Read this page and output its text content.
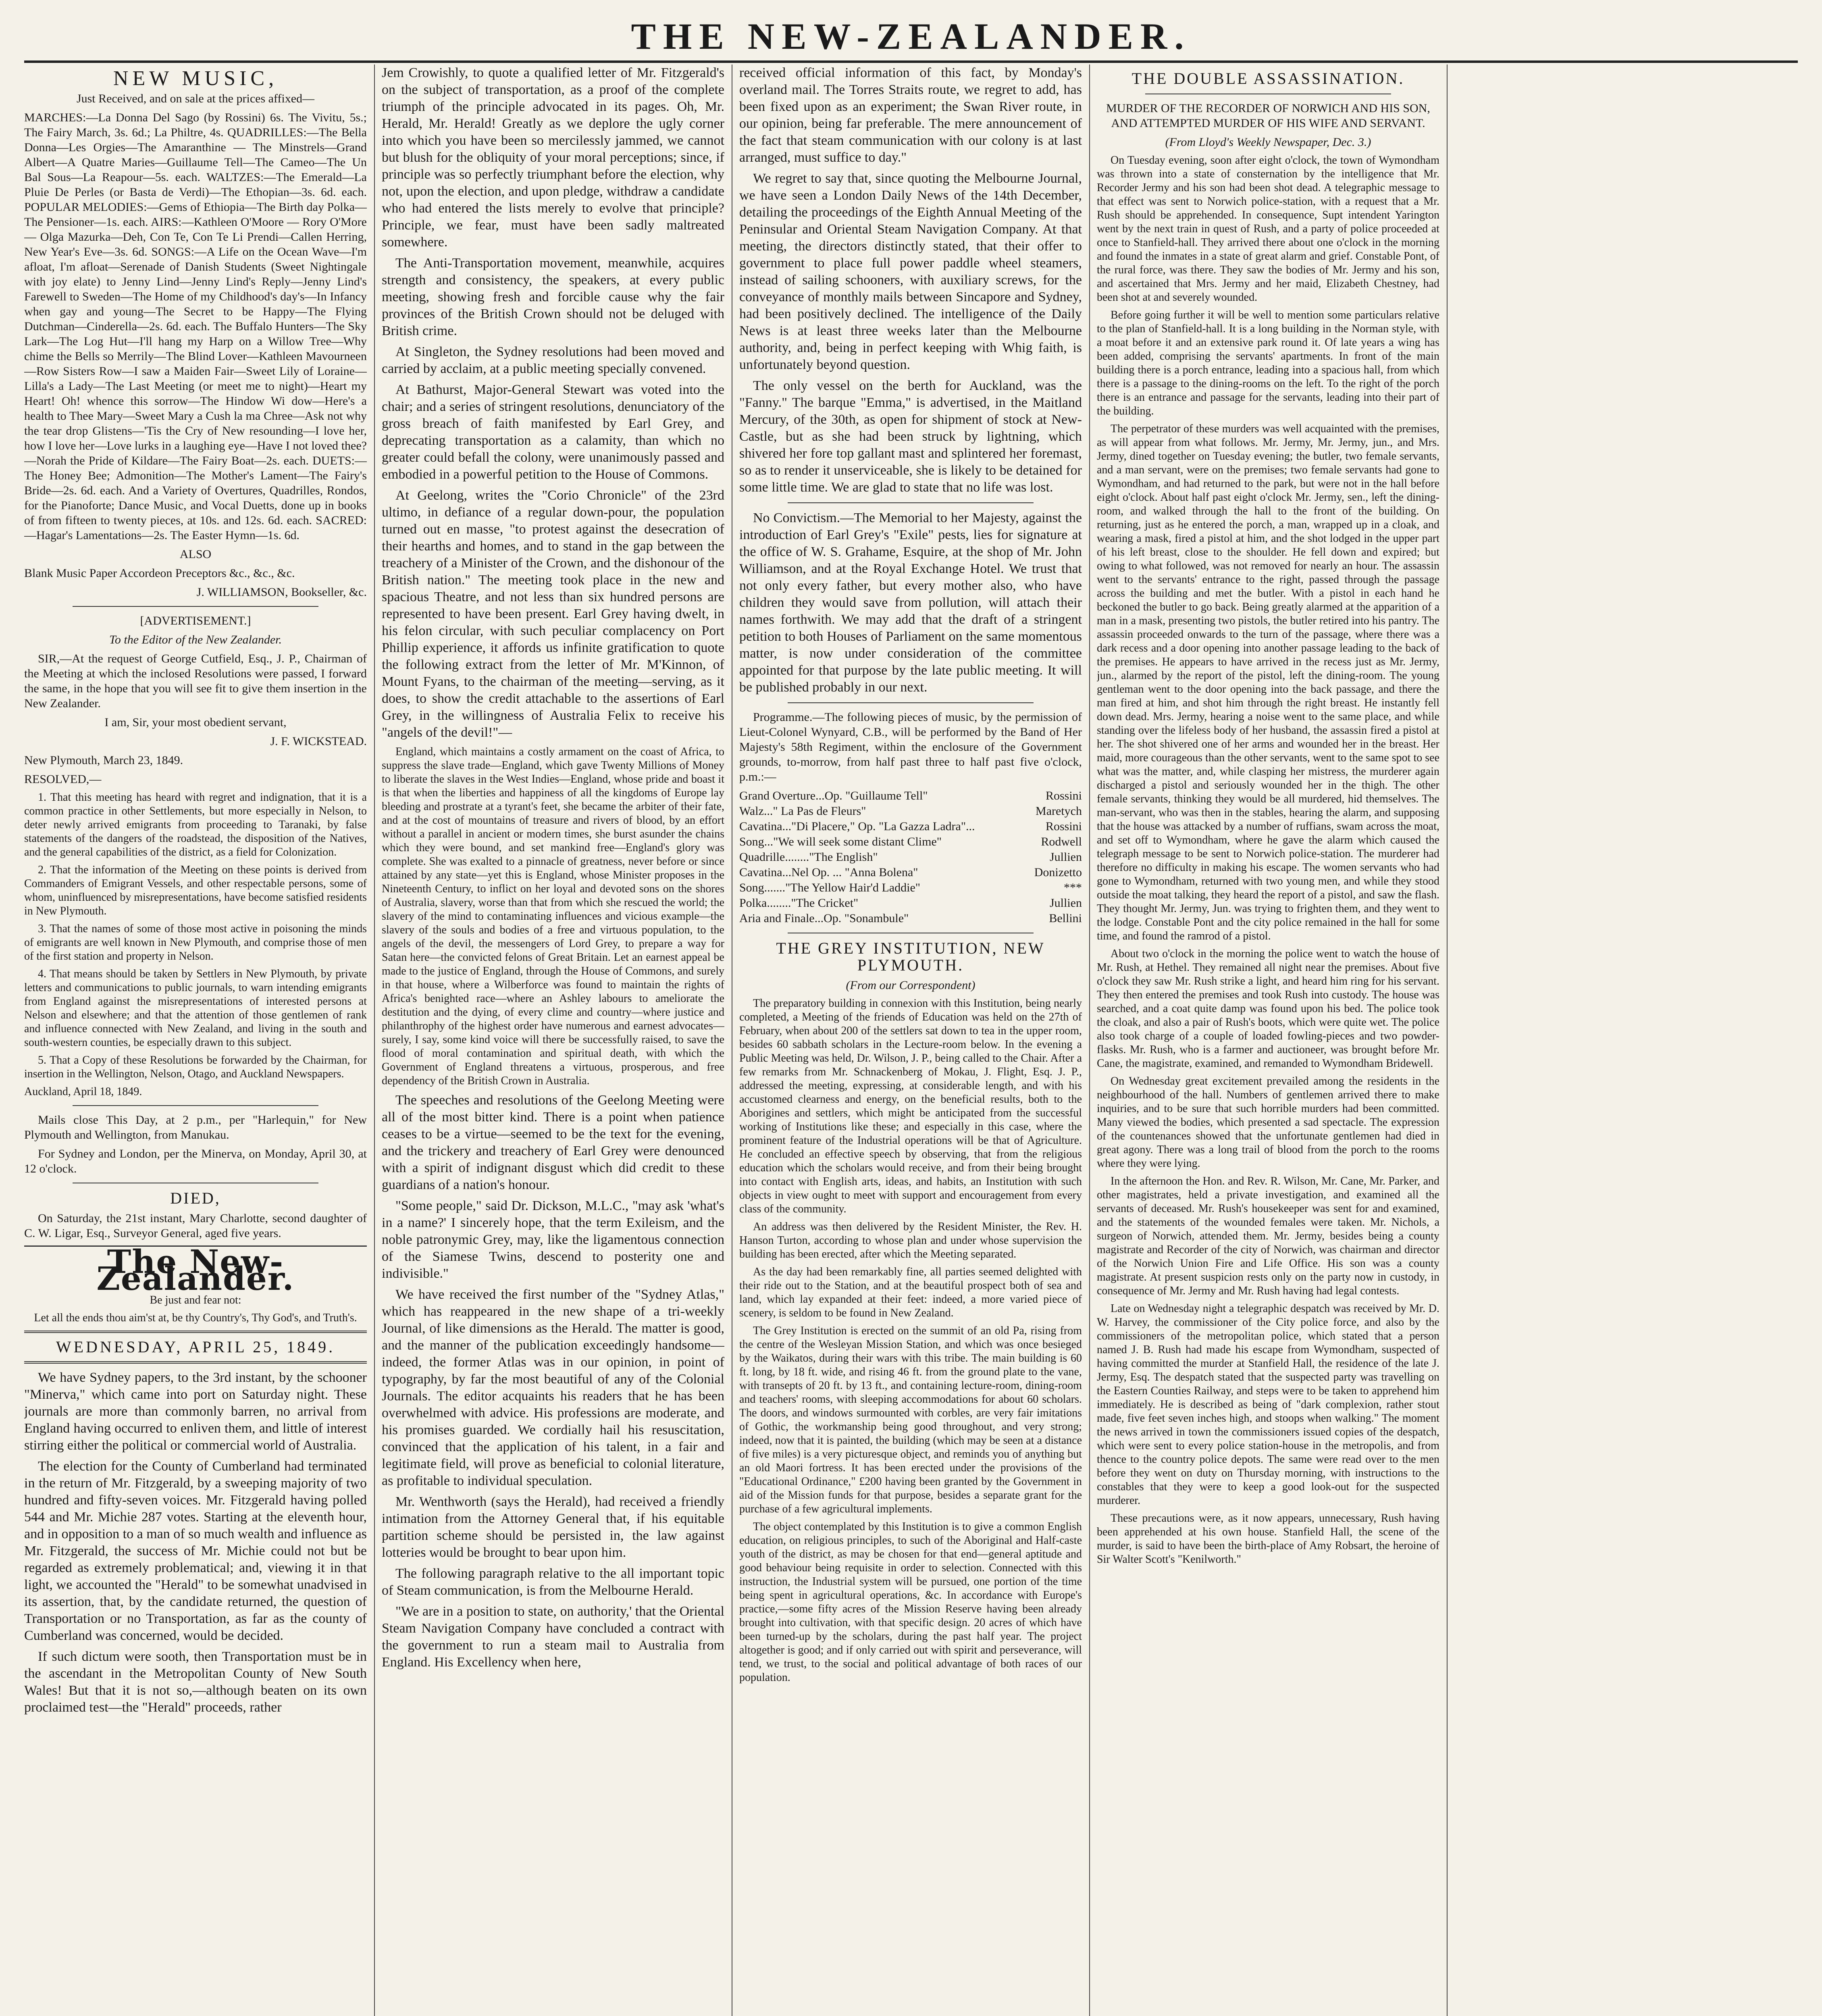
THE NEW-ZEALANDER.
NEW MUSIC,

Just Received, and on sale at the prices affixed—

MARCHES:—La Donna Del Sago (by Rossini) 6s. The Vivitu, 5s.; The Fairy March, 3s. 6d.; La Philtre, 4s. QUADRILLES:—The Bella Donna—Les Orgies—The Amaranthine — The Minstrels—Grand Albert—A Quatre Maries—Guillaume Tell—The Cameo—The Un Bal Sous—La Reapour—5s. each. WALTZES:—The Emerald—La Pluie De Perles (or Basta de Verdi)—The Ethopian—3s. 6d. each. POPULAR MELODIES:—Gems of Ethiopia—The Birth day Polka—The Pensioner—1s. each. AIRS:—Kathleen O'Moore — Rory O'More — Olga Mazurka—Deh, Con Te, Con Te Li Prendi—Callen Herring, New Year's Eve—3s. 6d. SONGS:—A Life on the Ocean Wave—I'm afloat, I'm afloat—Serenade of Danish Students (Sweet Nightingale with joy elate) to Jenny Lind—Jenny Lind's Reply—Jenny Lind's Farewell to Sweden—The Home of my Childhood's day's—In Infancy when gay and young—The Secret to be Happy—The Flying Dutchman—Cinderella—2s. 6d. each. The Buffalo Hunters—The Sky Lark—The Log Hut—I'll hang my Harp on a Willow Tree—Why chime the Bells so Merrily—The Blind Lover—Kathleen Mavourneen—Row Sisters Row—I saw a Maiden Fair—Sweet Lily of Loraine—Lilla's a Lady—The Last Meeting (or meet me to night)—Heart my Heart! Oh! whence this sorrow—The Hindow Wi dow—Here's a health to Thee Mary—Sweet Mary a Cush la ma Chree—Ask not why the tear drop Glistens—'Tis the Cry of New resounding—I love her, how I love her—Love lurks in a laughing eye—Have I not loved thee?—Norah the Pride of Kildare—The Fairy Boat—2s. each. DUETS:—The Honey Bee; Admonition—The Mother's Lament—The Fairy's Bride—2s. 6d. each. And a Variety of Overtures, Quadrilles, Rondos, for the Pianoforte; Dance Music, and Vocal Duetts, done up in books of from fifteen to twenty pieces, at 10s. and 12s. 6d. each. SACRED:—Hagar's Lamentations—2s. The Easter Hymn—1s. 6d.

ALSO

Blank Music Paper Accordeon Preceptors &c., &c., &c.

J. WILLIAMSON, Bookseller, &c.

[ADVERTISEMENT.]

To the Editor of the New Zealander.

SIR,—At the request of George Cutfield, Esq., J. P., Chairman of the Meeting at which the inclosed Resolutions were passed, I forward the same, in the hope that you will see fit to give them insertion in the New Zealander.

I am, Sir, your most obedient servant,

J. F. WICKSTEAD.

New Plymouth, March 23, 1849.

RESOLVED,—

1. That this meeting has heard with regret and indignation, that it is a common practice in other Settlements, but more especially in Nelson, to deter newly arrived emigrants from proceeding to Taranaki, by false statements of the dangers of the roadstead, the disposition of the Natives, and the general capabilities of the district, as a field for Colonization.

2. That the information of the Meeting on these points is derived from Commanders of Emigrant Vessels, and other respectable persons, some of whom, uninfluenced by misrepresentations, have become satisfied residents in New Plymouth.

3. That the names of some of those most active in poisoning the minds of emigrants are well known in New Plymouth, and comprise those of men of the first station and property in Nelson.

4. That means should be taken by Settlers in New Plymouth, by private letters and communications to public journals, to warn intending emigrants from England against the misrepresentations of interested persons at Nelson and elsewhere; and that the attention of those gentlemen of rank and influence connected with New Zealand, and living in the south and south-western counties, be especially drawn to this subject.

5. That a Copy of these Resolutions be forwarded by the Chairman, for insertion in the Wellington, Nelson, Otago, and Auckland Newspapers.

Auckland, April 18, 1849.

Mails close This Day, at 2 p.m., per "Harlequin," for New Plymouth and Wellington, from Manukau.

For Sydney and London, per the Minerva, on Monday, April 30, at 12 o'clock.

DIED,

On Saturday, the 21st instant, Mary Charlotte, second daughter of C. W. Ligar, Esq., Surveyor General, aged five years.

The New-Zealander.

Be just and fear not:

Let all the ends thou aim'st at, be thy Country's, Thy God's, and Truth's.

WEDNESDAY, APRIL 25, 1849.

We have Sydney papers, to the 3rd instant, by the schooner "Minerva," which came into port on Saturday night. These journals are more than commonly barren, no arrival from England having occurred to enliven them, and little of interest stirring either the political or commercial world of Australia.

The election for the County of Cumberland had terminated in the return of Mr. Fitzgerald, by a sweeping majority of two hundred and fifty-seven voices. Mr. Fitzgerald having polled 544 and Mr. Michie 287 votes. Starting at the eleventh hour, and in opposition to a man of so much wealth and influence as Mr. Fitzgerald, the success of Mr. Michie could not but be regarded as extremely problematical; and, viewing it in that light, we accounted the "Herald" to be somewhat unadvised in its assertion, that, by the candidate returned, the question of Transportation or no Transportation, as far as the county of Cumberland was concerned, would be decided.

If such dictum were sooth, then Transportation must be in the ascendant in the Metropolitan County of New South Wales! But that it is not so,—although beaten on its own proclaimed test—the "Herald" proceeds, rather

Jem Crowishly, to quote a qualified letter of Mr. Fitzgerald's on the subject of transportation, as a proof of the complete triumph of the principle advocated in its pages. Oh, Mr. Herald, Mr. Herald! Greatly as we deplore the ugly corner into which you have been so mercilessly jammed, we cannot but blush for the obliquity of your moral perceptions; since, if principle was so perfectly triumphant before the election, why not, upon the election, and upon pledge, withdraw a candidate who had entered the lists merely to evolve that principle? Principle, we fear, must have been sadly maltreated somewhere.

The Anti-Transportation movement, meanwhile, acquires strength and consistency, the speakers, at every public meeting, showing fresh and forcible cause why the fair provinces of the British Crown should not be deluged with British crime.

At Singleton, the Sydney resolutions had been moved and carried by acclaim, at a public meeting specially convened.

At Bathurst, Major-General Stewart was voted into the chair; and a series of stringent resolutions, denunciatory of the gross breach of faith manifested by Earl Grey, and deprecating transportation as a calamity, than which no greater could befall the colony, were unanimously passed and embodied in a powerful petition to the House of Commons.

At Geelong, writes the "Corio Chronicle" of the 23rd ultimo, in defiance of a regular down-pour, the population turned out en masse, "to protest against the desecration of their hearths and homes, and to stand in the gap between the treachery of a Minister of the Crown, and the dishonour of the British nation." The meeting took place in the new and spacious Theatre, and not less than six hundred persons are represented to have been present. Earl Grey having dwelt, in his felon circular, with such peculiar complacency on Port Phillip experience, it affords us infinite gratification to quote the following extract from the letter of Mr. M'Kinnon, of Mount Fyans, to the chairman of the meeting—serving, as it does, to show the credit attachable to the assertions of Earl Grey, in the willingness of Australia Felix to receive his "angels of the devil!"—

England, which maintains a costly armament on the coast of Africa, to suppress the slave trade—England, which gave Twenty Millions of Money to liberate the slaves in the West Indies—England, whose pride and boast it is that when the liberties and happiness of all the kingdoms of Europe lay bleeding and prostrate at a tyrant's feet, she became the arbiter of their fate, and at the cost of mountains of treasure and rivers of blood, by an effort without a parallel in ancient or modern times, she burst asunder the chains which they were bound, and set mankind free—England's glory was complete. She was exalted to a pinnacle of greatness, never before or since attained by any state—yet this is England, whose Minister proposes in the Nineteenth Century, to inflict on her loyal and devoted sons on the shores of Australia, slavery, worse than that from which she rescued the world; the slavery of the mind to contaminating influences and vicious example—the slavery of the souls and bodies of a free and virtuous population, to the angels of the devil, the messengers of Lord Grey, to prepare a way for Satan here—the convicted felons of Great Britain. Let an earnest appeal be made to the justice of England, through the House of Commons, and surely in that house, where a Wilberforce was found to maintain the rights of Africa's benighted race—where an Ashley labours to ameliorate the destitution and the dying, of every clime and country—where justice and philanthrophy of the highest order have numerous and earnest advocates—surely, I say, some kind voice will there be successfully raised, to save the flood of moral contamination and spiritual death, with which the Government of England threatens a virtuous, prosperous, and free dependency of the British Crown in Australia.

The speeches and resolutions of the Geelong Meeting were all of the most bitter kind. There is a point when patience ceases to be a virtue—seemed to be the text for the evening, and the trickery and treachery of Earl Grey were denounced with a spirit of indignant disgust which did credit to these guardians of a nation's honour.

"Some people," said Dr. Dickson, M.L.C., "may ask 'what's in a name?' I sincerely hope, that the term Exileism, and the noble patronymic Grey, may, like the ligamentous connection of the Siamese Twins, descend to posterity one and indivisible."

We have received the first number of the "Sydney Atlas," which has reappeared in the new shape of a tri-weekly Journal, of like dimensions as the Herald. The matter is good, and the manner of the publication exceedingly handsome—indeed, the former Atlas was in our opinion, in point of typography, by far the most beautiful of any of the Colonial Journals. The editor acquaints his readers that he has been overwhelmed with advice. His professions are moderate, and his promises guarded. We cordially hail his resuscitation, convinced that the application of his talent, in a fair and legitimate field, will prove as beneficial to colonial literature, as profitable to individual speculation.

Mr. Wenthworth (says the Herald), had received a friendly intimation from the Attorney General that, if his equitable partition scheme should be persisted in, the law against lotteries would be brought to bear upon him.

The following paragraph relative to the all important topic of Steam communication, is from the Melbourne Herald.

"We are in a position to state, on authority,' that the Oriental Steam Navigation Company have concluded a contract with the government to run a steam mail to Australia from England. His Excellency when here,

received official information of this fact, by Monday's overland mail. The Torres Straits route, we regret to add, has been fixed upon as an experiment; the Swan River route, in our opinion, being far preferable. The mere announcement of the fact that steam communication with our colony is at last arranged, must suffice to day."

We regret to say that, since quoting the Melbourne Journal, we have seen a London Daily News of the 14th December, detailing the proceedings of the Eighth Annual Meeting of the Peninsular and Oriental Steam Navigation Company. At that meeting, the directors distinctly stated, that their offer to government to place full power paddle wheel steamers, instead of sailing schooners, with auxiliary screws, for the conveyance of monthly mails between Sincapore and Sydney, had been positively declined. The intelligence of the Daily News is at least three weeks later than the Melbourne authority, and, being in perfect keeping with Whig faith, is unfortunately beyond question.

The only vessel on the berth for Auckland, was the "Fanny." The barque "Emma," is advertised, in the Maitland Mercury, of the 30th, as open for shipment of stock at New-Castle, but as she had been struck by lightning, which shivered her fore top gallant mast and splintered her foremast, so as to render it unserviceable, she is likely to be detained for some little time. We are glad to state that no life was lost.

No Convictism.—The Memorial to her Majesty, against the introduction of Earl Grey's "Exile" pests, lies for signature at the office of W. S. Grahame, Esquire, at the shop of Mr. John Williamson, and at the Royal Exchange Hotel. We trust that not only every father, but every mother also, who have children they would save from pollution, will attach their names forthwith. We may add that the draft of a stringent petition to both Houses of Parliament on the same momentous matter, is now under consideration of the committee appointed for that purpose by the late public meeting. It will be published probably in our next.

Programme.—The following pieces of music, by the permission of Lieut-Colonel Wynyard, C.B., will be performed by the Band of Her Majesty's 58th Regiment, within the enclosure of the Government grounds, to-morrow, from half past three to half past five o'clock, p.m.:—

Grand Overture...Op. "Guillaume Tell"	Rossini
Walz..." La Pas de Fleurs"	Maretych
Cavatina..."Di Placere," Op. "La Gazza Ladra"...	Rossini
Song..."We will seek some distant Clime"	Rodwell
Quadrille........"The English"	Jullien
Cavatina...Nel Op. ... "Anna Bolena"	Donizetto
Song......."The Yellow Hair'd Laddie"	***
Polka........"The Cricket"	Jullien
Aria and Finale...Op. "Sonambule"	Bellini
THE GREY INSTITUTION, NEW PLYMOUTH.

(From our Correspondent)

The preparatory building in connexion with this Institution, being nearly completed, a Meeting of the friends of Education was held on the 27th of February, when about 200 of the settlers sat down to tea in the upper room, besides 60 sabbath scholars in the Lecture-room below. In the evening a Public Meeting was held, Dr. Wilson, J. P., being called to the Chair. After a few remarks from Mr. Schnackenberg of Mokau, J. Flight, Esq. J. P., addressed the meeting, expressing, at considerable length, and with his accustomed clearness and energy, on the beneficial results, both to the Aborigines and settlers, which might be anticipated from the successful working of Institutions like these; and especially in this case, where the prominent feature of the Industrial operations will be that of Agriculture. He concluded an effective speech by observing, that from the religious education which the scholars would receive, and from their being brought into contact with English arts, ideas, and habits, an Institution with such objects in view ought to meet with support and encouragement from every class of the community.

An address was then delivered by the Resident Minister, the Rev. H. Hanson Turton, according to whose plan and under whose supervision the building has been erected, after which the Meeting separated.

As the day had been remarkably fine, all parties seemed delighted with their ride out to the Station, and at the beautiful prospect both of sea and land, which lay expanded at their feet: indeed, a more varied piece of scenery, is seldom to be found in New Zealand.

The Grey Institution is erected on the summit of an old Pa, rising from the centre of the Wesleyan Mission Station, and which was once besieged by the Waikatos, during their wars with this tribe. The main building is 60 ft. long, by 18 ft. wide, and rising 46 ft. from the ground plate to the vane, with transepts of 20 ft. by 13 ft., and containing lecture-room, dining-room and teachers' rooms, with sleeping accommodations for about 60 scholars. The doors, and windows surmounted with corbles, are very fair imitations of Gothic, the workmanship being good throughout, and very strong; indeed, now that it is painted, the building (which may be seen at a distance of five miles) is a very picturesque object, and reminds you of anything but an old Maori fortress. It has been erected under the provisions of the "Educational Ordinance," £200 having been granted by the Government in aid of the Mission funds for that purpose, besides a separate grant for the purchase of a few agricultural implements.

The object contemplated by this Institution is to give a common English education, on religious principles, to such of the Aboriginal and Half-caste youth of the district, as may be chosen for that end—general aptitude and good behaviour being requisite in order to selection. Connected with this instruction, the Industrial system will be pursued, one portion of the time being spent in agricultural operations, &c. In accordance with Europe's practice,—some fifty acres of the Mission Reserve having been already brought into cultivation, with that specific design. 20 acres of which have been turned-up by the scholars, during the past half year. The project altogether is good; and if only carried out with spirit and perseverance, will tend, we trust, to the social and political advantage of both races of our population.

THE DOUBLE ASSASSINATION.

MURDER OF THE RECORDER OF NORWICH AND HIS SON, AND ATTEMPTED MURDER OF HIS WIFE AND SERVANT.

(From Lloyd's Weekly Newspaper, Dec. 3.)

On Tuesday evening, soon after eight o'clock, the town of Wymondham was thrown into a state of consternation by the intelligence that Mr. Recorder Jermy and his son had been shot dead. A telegraphic message to that effect was sent to Norwich police-station, with a request that a Mr. Rush should be apprehended. In consequence, Supt intendent Yarington went by the next train in quest of Rush, and a party of police proceeded at once to Stanfield-hall. They arrived there about one o'clock in the morning and found the inmates in a state of great alarm and grief. Constable Pont, of the rural force, was there. They saw the bodies of Mr. Jermy and his son, and ascertained that Mrs. Jermy and her maid, Elizabeth Chestney, had been shot at and severely wounded.

Before going further it will be well to mention some particulars relative to the plan of Stanfield-hall. It is a long building in the Norman style, with a moat before it and an extensive park round it. Of late years a wing has been added, comprising the servants' apartments. In front of the main building there is a porch entrance, leading into a spacious hall, from which there is a passage to the dining-rooms on the left. To the right of the porch there is an entrance and passage for the servants, leading into their part of the building.

The perpetrator of these murders was well acquainted with the premises, as will appear from what follows. Mr. Jermy, Mr. Jermy, jun., and Mrs. Jermy, dined together on Tuesday evening; the butler, two female servants, and a man servant, were on the premises; two female servants had gone to Wymondham, and had returned to the park, but were not in the hall before eight o'clock. About half past eight o'clock Mr. Jermy, sen., left the dining-room, and walked through the hall to the front of the building. On returning, just as he entered the porch, a man, wrapped up in a cloak, and wearing a mask, fired a pistol at him, and the shot lodged in the upper part of his left breast, close to the shoulder. He fell down and expired; but owing to what followed, was not removed for nearly an hour. The assassin went to the servants' entrance to the right, passed through the passage across the building and met the butler. With a pistol in each hand he beckoned the butler to go back. Being greatly alarmed at the apparition of a man in a mask, presenting two pistols, the butler retired into his pantry. The assassin proceeded onwards to the turn of the passage, where there was a dark recess and a door opening into another passage leading to the back of the premises. He appears to have arrived in the recess just as Mr. Jermy, jun., alarmed by the report of the pistol, left the dining-room. The young gentleman went to the door opening into the back passage, and there the man fired at him, and shot him through the right breast. He instantly fell down dead. Mrs. Jermy, hearing a noise went to the same place, and while standing over the lifeless body of her husband, the assassin fired a pistol at her. The shot shivered one of her arms and wounded her in the breast. Her maid, more courageous than the other servants, went to the same spot to see what was the matter, and, while clasping her mistress, the murderer again discharged a pistol and seriously wounded her in the thigh. The other female servants, thinking they would be all murdered, hid themselves. The man-servant, who was then in the stables, hearing the alarm, and supposing that the house was attacked by a number of ruffians, swam across the moat, and set off to Wymondham, where he gave the alarm which caused the telegraph message to be sent to Norwich police-station. The murderer had therefore no difficulty in making his escape. The women servants who had gone to Wymondham, returned with two young men, and while they stood outside the moat talking, they heard the report of a pistol, and saw the flash. They thought Mr. Jermy, Jun. was trying to frighten them, and they went to the lodge. Constable Pont and the city police remained in the hall for some time, and found the ramrod of a pistol.

About two o'clock in the morning the police went to watch the house of Mr. Rush, at Hethel. They remained all night near the premises. About five o'clock they saw Mr. Rush strike a light, and heard him ring for his servant. They then entered the premises and took Rush into custody. The house was searched, and a coat quite damp was found upon his bed. The police took the cloak, and also a pair of Rush's boots, which were quite wet. The police also took charge of a couple of loaded fowling-pieces and two powder-flasks. Mr. Rush, who is a farmer and auctioneer, was brought before Mr. Cane, the magistrate, examined, and remanded to Wymondham Bridewell.

On Wednesday great excitement prevailed among the residents in the neighbourhood of the hall. Numbers of gentlemen arrived there to make inquiries, and to be sure that such horrible murders had been committed. Many viewed the bodies, which presented a sad spectacle. The expression of the countenances showed that the unfortunate gentlemen had died in great agony. There was a long trail of blood from the porch to the rooms where they were lying.

In the afternoon the Hon. and Rev. R. Wilson, Mr. Cane, Mr. Parker, and other magistrates, held a private investigation, and examined all the servants of deceased. Mr. Rush's housekeeper was sent for and examined, and the statements of the wounded females were taken. Mr. Nichols, a surgeon of Norwich, attended them. Mr. Jermy, besides being a county magistrate and Recorder of the city of Norwich, was chairman and director of the Norwich Union Fire and Life Office. His son was a county magistrate. At present suspicion rests only on the party now in custody, in consequence of Mr. Jermy and Mr. Rush having had legal contests.

Late on Wednesday night a telegraphic despatch was received by Mr. D. W. Harvey, the commissioner of the City police force, and also by the commissioners of the metropolitan police, which stated that a person named J. B. Rush had made his escape from Wymondham, suspected of having committed the murder at Stanfield Hall, the residence of the late J. Jermy, Esq. The despatch stated that the suspected party was travelling on the Eastern Counties Railway, and steps were to be taken to apprehend him immediately. He is described as being of "dark complexion, rather stout made, five feet seven inches high, and stoops when walking." The moment the news arrived in town the commissioners issued copies of the despatch, which were sent to every police station-house in the metropolis, and from thence to the country police depots. The same were read over to the men before they went on duty on Thursday morning, with instructions to the constables that they were to keep a good look-out for the suspected murderer.

These precautions were, as it now appears, unnecessary, Rush having been apprehended at his own house. Stanfield Hall, the scene of the murder, is said to have been the birth-place of Amy Robsart, the heroine of Sir Walter Scott's "Kenilworth."
